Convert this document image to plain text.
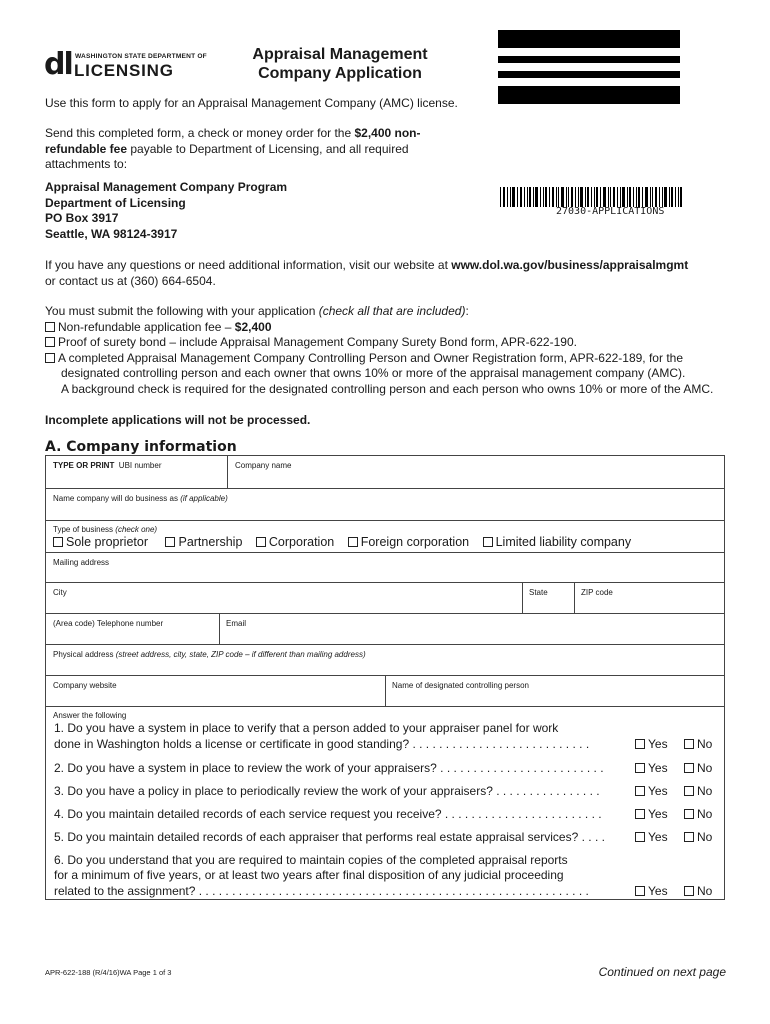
dl WASHINGTON STATE DEPARTMENT OF
LICENSING
Appraisal Management
Company Application
27030-APPLICATIONS
Use this form to apply for an Appraisal Management Company (AMC) license.
Send this completed form, a check or money order for the $2,400 non-
refundable fee payable to Department of Licensing, and all required
attachments to:
Appraisal Management Company Program
Department of Licensing
PO Box 3917
Seattle, WA 98124-3917
If you have any questions or need additional information, visit our website at www.dol.wa.gov/business/appraisalmgmt
or contact us at (360) 664-6504.
You must submit the following with your application (check all that are included):
Non-refundable application fee – $2,400
Proof of surety bond – include Appraisal Management Company Surety Bond form, APR-622-190.
A completed Appraisal Management Company Controlling Person and Owner Registration form, APR-622-189, for the
designated controlling person and each owner that owns 10% or more of the appraisal management company (AMC).
A background check is required for the designated controlling person and each person who owns 10% or more of the AMC.
Incomplete applications will not be processed.
A. Company information
TYPE OR PRINT UBI number	Company name
Name company will do business as (if applicable)
Type of business (check one)
Sole proprietor Partnership Corporation Foreign corporation Limited liability company
Mailing address
City	State	ZIP code
(Area code) Telephone number	Email
Physical address (street address, city, state, ZIP code – if different than mailing address)
Company website	Name of designated controlling person
Answer the following
1. Do you have a system in place to verify that a person added to your appraiser panel for work
done in Washington holds a license or certificate in good standing? . . . . . . . . . . . . . . . . . . . . . . . . . . .	Yes	No
2. Do you have a system in place to review the work of your appraisers? . . . . . . . . . . . . . . . . . . . . . . . . .	Yes	No
3. Do you have a policy in place to periodically review the work of your appraisers? . . . . . . . . . . . . . . . .	Yes	No
4. Do you maintain detailed records of each service request you receive? . . . . . . . . . . . . . . . . . . . . . . . .	Yes	No
5. Do you maintain detailed records of each appraiser that performs real estate appraisal services? . . . .	Yes	No
6. Do you understand that you are required to maintain copies of the completed appraisal reports
for a minimum of five years, or at least two years after final disposition of any judicial proceeding
related to the assignment? . . . . . . . . . . . . . . . . . . . . . . . . . . . . . . . . . . . . . . . . . . . . . . . . . . . . . . . . . . .	Yes	No
APR-622-188 (R/4/16)WA Page 1 of 3	Continued on next page
